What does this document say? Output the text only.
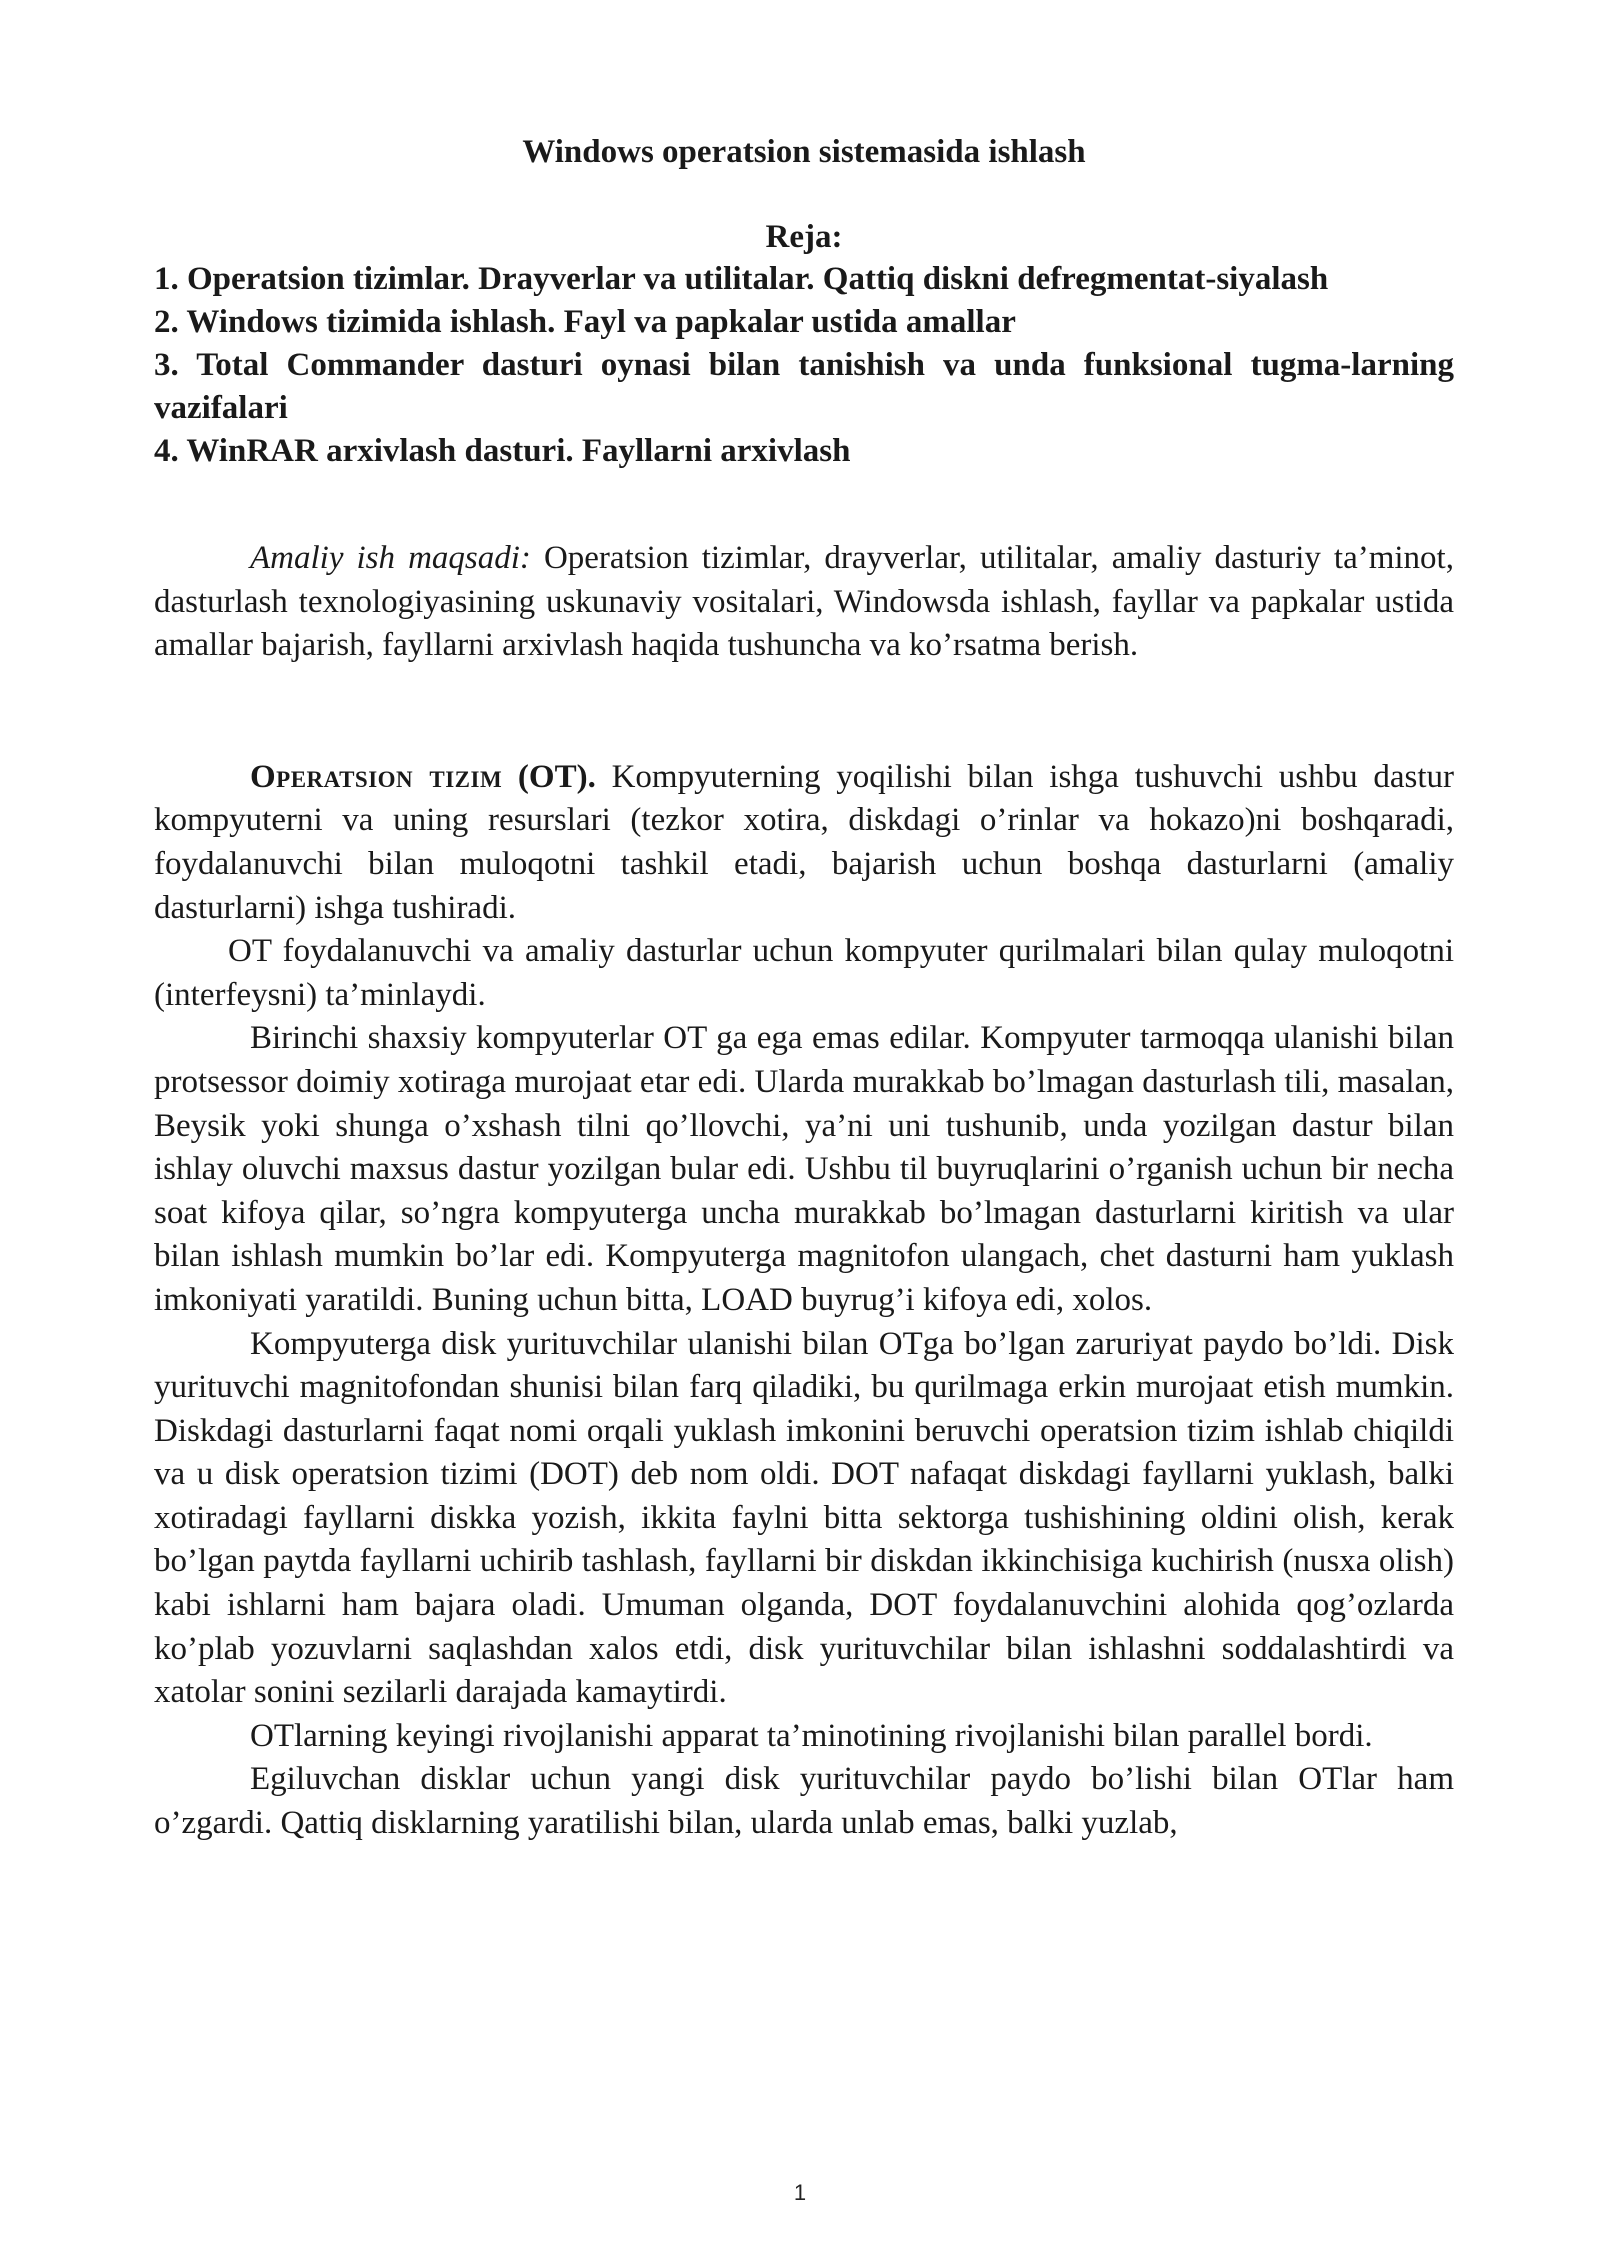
Windows operatsion sistemasida ishlash
Reja:

1. Operatsion tizimlar. Drayverlar va utilitalar. Qattiq diskni defregmentat-siyalash

2. Windows tizimida ishlash. Fayl va papkalar ustida amallar

3. Total Commander dasturi oynasi bilan tanishish va unda funksional tugma-larning vazifalari

4. WinRAR arxivlash dasturi. Fayllarni arxivlash

Amaliy ish maqsadi: Operatsion tizimlar, drayverlar, utilitalar, amaliy dasturiy ta’minot, dasturlash texnologiyasining uskunaviy vositalari, Windowsda ishlash, fayllar va papkalar ustida amallar bajarish, fayllarni arxivlash haqida tushuncha va ko’rsatma berish.

Operatsion tizim (OT). Kompyuterning yoqilishi bilan ishga tushuvchi ushbu dastur kompyuterni va uning resurslari (tezkor xotira, diskdagi o’rinlar va hokazo)ni boshqaradi, foydalanuvchi bilan muloqotni tashkil etadi, bajarish uchun boshqa dasturlarni (amaliy dasturlarni) ishga tushiradi.

OT foydalanuvchi va amaliy dasturlar uchun kompyuter qurilmalari bilan qulay muloqotni (interfeysni) ta’minlaydi.

Birinchi shaxsiy kompyuterlar OT ga ega emas edilar. Kompyuter tarmoqqa ulanishi bilan protsessor doimiy xotiraga murojaat etar edi. Ularda murakkab bo’lmagan dasturlash tili, masalan, Beysik yoki shunga o’xshash tilni qo’llovchi, ya’ni uni tushunib, unda yozilgan dastur bilan ishlay oluvchi maxsus dastur yozilgan bular edi. Ushbu til buyruqlarini o’rganish uchun bir necha soat kifoya qilar, so’ngra kompyuterga uncha murakkab bo’lmagan dasturlarni kiritish va ular bilan ishlash mumkin bo’lar edi. Kompyuterga magnitofon ulangach, chet dasturni ham yuklash imkoniyati yaratildi. Buning uchun bitta, LOAD buyrug’i kifoya edi, xolos.

Kompyuterga disk yurituvchilar ulanishi bilan OTga bo’lgan zaruriyat paydo bo’ldi. Disk yurituvchi magnitofondan shunisi bilan farq qiladiki, bu qurilmaga erkin murojaat etish mumkin. Diskdagi dasturlarni faqat nomi orqali yuklash imkonini beruvchi operatsion tizim ishlab chiqildi va u disk operatsion tizimi (DOT) deb nom oldi. DOT nafaqat diskdagi fayllarni yuklash, balki xotiradagi fayllarni diskka yozish, ikkita faylni bitta sektorga tushishining oldini olish, kerak bo’lgan paytda fayllarni uchirib tashlash, fayllarni bir diskdan ikkinchisiga kuchirish (nusxa olish) kabi ishlarni ham bajara oladi. Umuman olganda, DOT foydalanuvchini alohida qog’ozlarda ko’plab yozuvlarni saqlashdan xalos etdi, disk yurituvchilar bilan ishlashni soddalashtirdi va xatolar sonini sezilarli darajada kamaytirdi.

OTlarning keyingi rivojlanishi apparat ta’minotining rivojlanishi bilan parallel bordi.

Egiluvchan disklar uchun yangi disk yurituvchilar paydo bo’lishi bilan OTlar ham o’zgardi. Qattiq disklarning yaratilishi bilan, ularda unlab emas, balki yuzlab,

1
